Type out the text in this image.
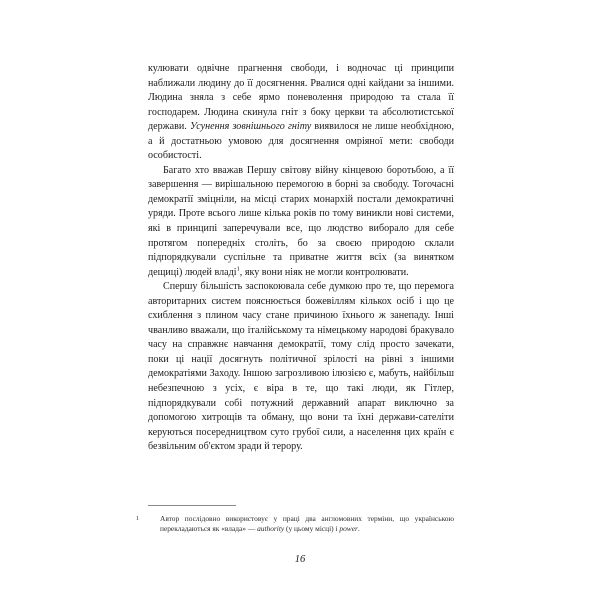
кулювати одвічне прагнення свободи, і водночас ці принципи наближали людину до її досягнення. Рвалися одні кайдани за іншими. Людина зняла з себе ярмо поневолення природою та стала її господарем. Людина скинула гніт з боку церкви та абсолютистської держави. Усунення зовнішнього гніту виявилося не лише необхідною, а й достатньою умовою для досягнення омріяної мети: свободи особистості.

Багато хто вважав Першу світову війну кінцевою боротьбою, а її завершення — вирішальною перемогою в борні за свободу. Тогочасні демократії зміцніли, на місці старих монархій постали демократичні уряди. Проте всього лише кілька років по тому виникли нові системи, які в принципі заперечували все, що людство виборало для себе протягом попередніх століть, бо за своєю природою склали підпорядкували суспільне та приватне життя всіх (за винятком дещиці) людей владі$^1$, яку вони ніяк не могли контролювати.

Спершу більшість заспокоювала себе думкою про те, що перемога авторитарних систем пояснюється божевіллям кількох осіб і що це схиблення з плином часу стане причиною їхнього ж занепаду. Інші чванливо вважали, що італійському та німецькому народові бракувало часу на справжнє навчання демократії, тому слід просто зачекати, поки ці нації досягнуть політичної зрілості на рівні з іншими демократіями Заходу. Іншою загрозливою ілюзією є, мабуть, найбільш небезпечною з усіх, є віра в те, що такі люди, як Гітлер, підпорядкували собі потужний державний апарат виключно за допомогою хитрощів та обману, що вони та їхні держави-сателіти керуються посередництвом суто грубої сили, а населення цих країн є безвільним об'єктом зради й терору.

1	Автор послідовно використовує у праці два англомовних терміни, що українською перекладаються як «влада» — authority (у цьому місці) і power.
16
